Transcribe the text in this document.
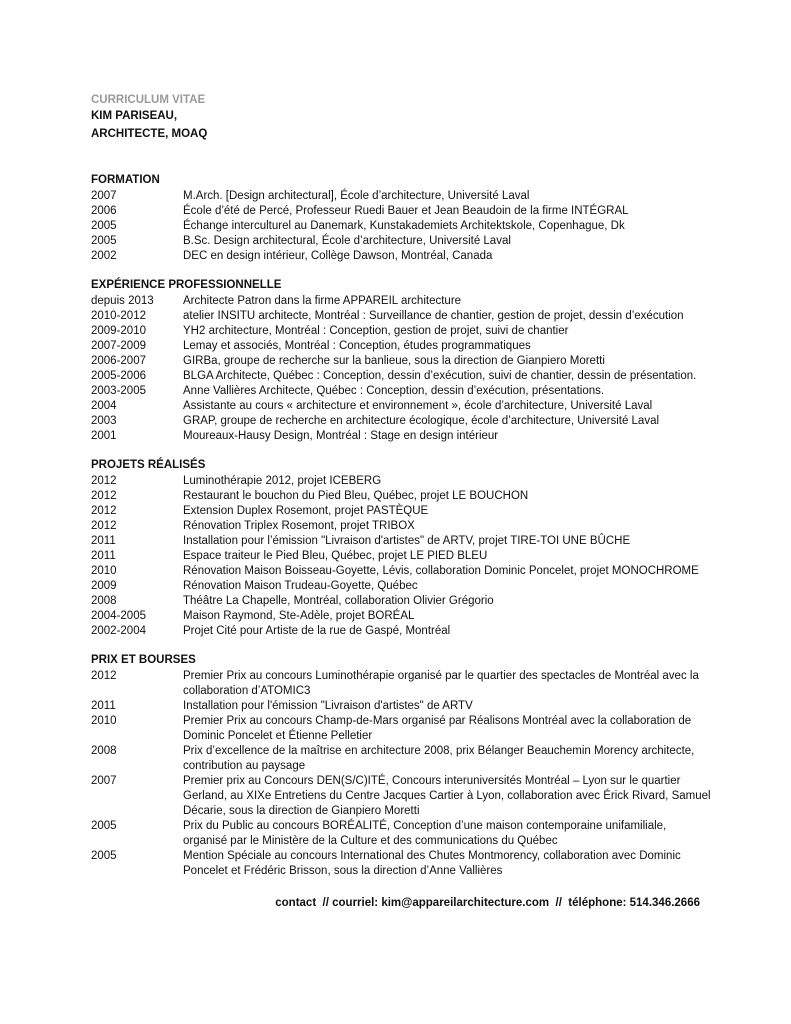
CURRICULUM VITAE
KIM PARISEAU,
ARCHITECTE, MOAQ
FORMATION
2007	M.Arch. [Design architectural], École d’architecture, Université Laval
2006	École d’été de Percé, Professeur Ruedi Bauer et Jean Beaudoin de la firme INTÉGRAL
2005	Échange interculturel au Danemark, Kunstakademiets Architektskole, Copenhague, Dk
2005	B.Sc. Design architectural, École d’architecture, Université Laval
2002	DEC en design intérieur, Collège Dawson, Montréal, Canada
EXPÉRIENCE PROFESSIONNELLE
depuis 2013	Architecte Patron dans la firme APPAREIL architecture
2010-2012	atelier INSITU architecte, Montréal : Surveillance de chantier, gestion de projet, dessin d’exécution
2009-2010	YH2 architecture, Montréal : Conception, gestion de projet, suivi de chantier
2007-2009	Lemay et associés, Montréal : Conception, études programmatiques
2006-2007	GIRBa, groupe de recherche sur la banlieue, sous la direction de Gianpiero Moretti
2005-2006	BLGA Architecte, Québec : Conception, dessin d’exécution, suivi de chantier, dessin de présentation.
2003-2005	Anne Vallières Architecte, Québec : Conception, dessin d’exécution, présentations.
2004	Assistante au cours « architecture et environnement », école d’architecture, Université Laval
2003	GRAP, groupe de recherche en architecture écologique, école d’architecture, Université Laval
2001	Moureaux-Hausy Design, Montréal : Stage en design intérieur
PROJETS RÉALISÉS
2012	Luminothérapie 2012, projet ICEBERG
2012	Restaurant le bouchon du Pied Bleu, Québec, projet LE BOUCHON
2012	Extension Duplex Rosemont, projet PASTÈQUE
2012	Rénovation Triplex Rosemont, projet TRIBOX
2011	Installation pour l’émission "Livraison d'artistes" de ARTV, projet TIRE-TOI UNE BÛCHE
2011	Espace traiteur le Pied Bleu, Québec, projet LE PIED BLEU
2010	Rénovation Maison Boisseau-Goyette, Lévis, collaboration Dominic Poncelet, projet MONOCHROME
2009	Rénovation Maison Trudeau-Goyette, Québec
2008	Théâtre La Chapelle, Montréal, collaboration Olivier Grégorio
2004-2005	Maison Raymond, Ste-Adèle, projet BORÉAL
2002-2004	Projet Cité pour Artiste de la rue de Gaspé, Montréal
PRIX ET BOURSES
2012	Premier Prix au concours Luminothérapie organisé par le quartier des spectacles de Montréal avec la collaboration d’ATOMIC3
2011	Installation pour l'émission "Livraison d'artistes" de ARTV
2010	Premier Prix au concours Champ-de-Mars organisé par Réalisons Montréal avec la collaboration de Dominic Poncelet et Étienne Pelletier
2008	Prix d’excellence de la maîtrise en architecture 2008, prix Bélanger Beauchemin Morency architecte, contribution au paysage
2007	Premier prix au Concours DEN(S/C)ITÉ, Concours interuniversités Montréal – Lyon sur le quartier Gerland, au XIXe Entretiens du Centre Jacques Cartier à Lyon, collaboration avec Érick Rivard, Samuel Décarie, sous la direction de Gianpiero Moretti
2005	Prix du Public au concours BORÉALITÉ, Conception d’une maison contemporaine unifamiliale, organisé par le Ministère de la Culture et des communications du Québec
2005	Mention Spéciale au concours International des Chutes Montmorency, collaboration avec Dominic Poncelet et Frédéric Brisson, sous la direction d’Anne Vallières
contact  // courriel: kim@appareilarchitecture.com  //  téléphone: 514.346.2666
